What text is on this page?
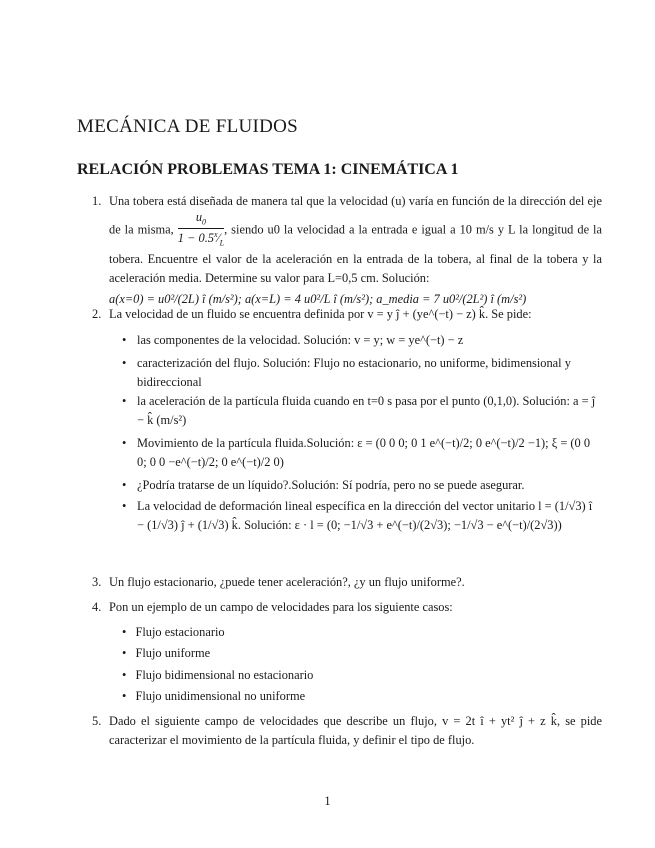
MECÁNICA DE FLUIDOS
RELACIÓN PROBLEMAS TEMA 1: CINEMÁTICA 1
1. Una tobera está diseñada de manera tal que la velocidad (u) varía en función de la dirección del eje de la misma, $\frac{u_0}{1 - 0.5^x⁄_L}$ , siendo u0 la velocidad a la entrada e igual a 10 m/s y L la longitud de la tobera. Encuentre el valor de la aceleración en la entrada de la tobera, al final de la tobera y la aceleración media. Determine su valor para L=0,5 cm. Solución:
a(x=0) = u0²/(2L) î (m/s²); a(x=L) = 4 u0²/L î (m/s²); a_media = 7 u0²/(2L²) î (m/s²)
2. La velocidad de un fluido se encuentra definida por v = y ĵ + (ye^(−t) − z) k̂. Se pide:
• las componentes de la velocidad. Solución: v = y; w = ye^(−t) − z
• caracterización del flujo. Solución: Flujo no estacionario, no uniforme, bidimensional y bidireccional
• la aceleración de la partícula fluida cuando en t=0 s pasa por el punto (0,1,0). Solución: a = ĵ − k̂ (m/s²)
• Movimiento de la partícula fluida.Solución: ε = (0 0 0; 0 1 e^(−t)/2; 0 e^(−t)/2 −1); ξ = (0 0 0; 0 0 −e^(−t)/2; 0 e^(−t)/2 0)
• ¿Podría tratarse de un líquido?.Solución: Sí podría, pero no se puede asegurar.
• La velocidad de deformación lineal específica en la dirección del vector unitario l = (1/√3) î − (1/√3) ĵ + (1/√3) k̂. Solución: ε · l = (0; −1/√3 + e^(−t)/(2√3); −1/√3 − e^(−t)/(2√3))
3. Un flujo estacionario, ¿puede tener aceleración?, ¿y un flujo uniforme?.
4. Pon un ejemplo de un campo de velocidades para los siguiente casos:
• Flujo estacionario
• Flujo uniforme
• Flujo bidimensional no estacionario
• Flujo unidimensional no uniforme
5. Dado el siguiente campo de velocidades que describe un flujo, v = 2t î + yt² ĵ + z k̂, se pide caracterizar el movimiento de la partícula fluida, y definir el tipo de flujo.
1
